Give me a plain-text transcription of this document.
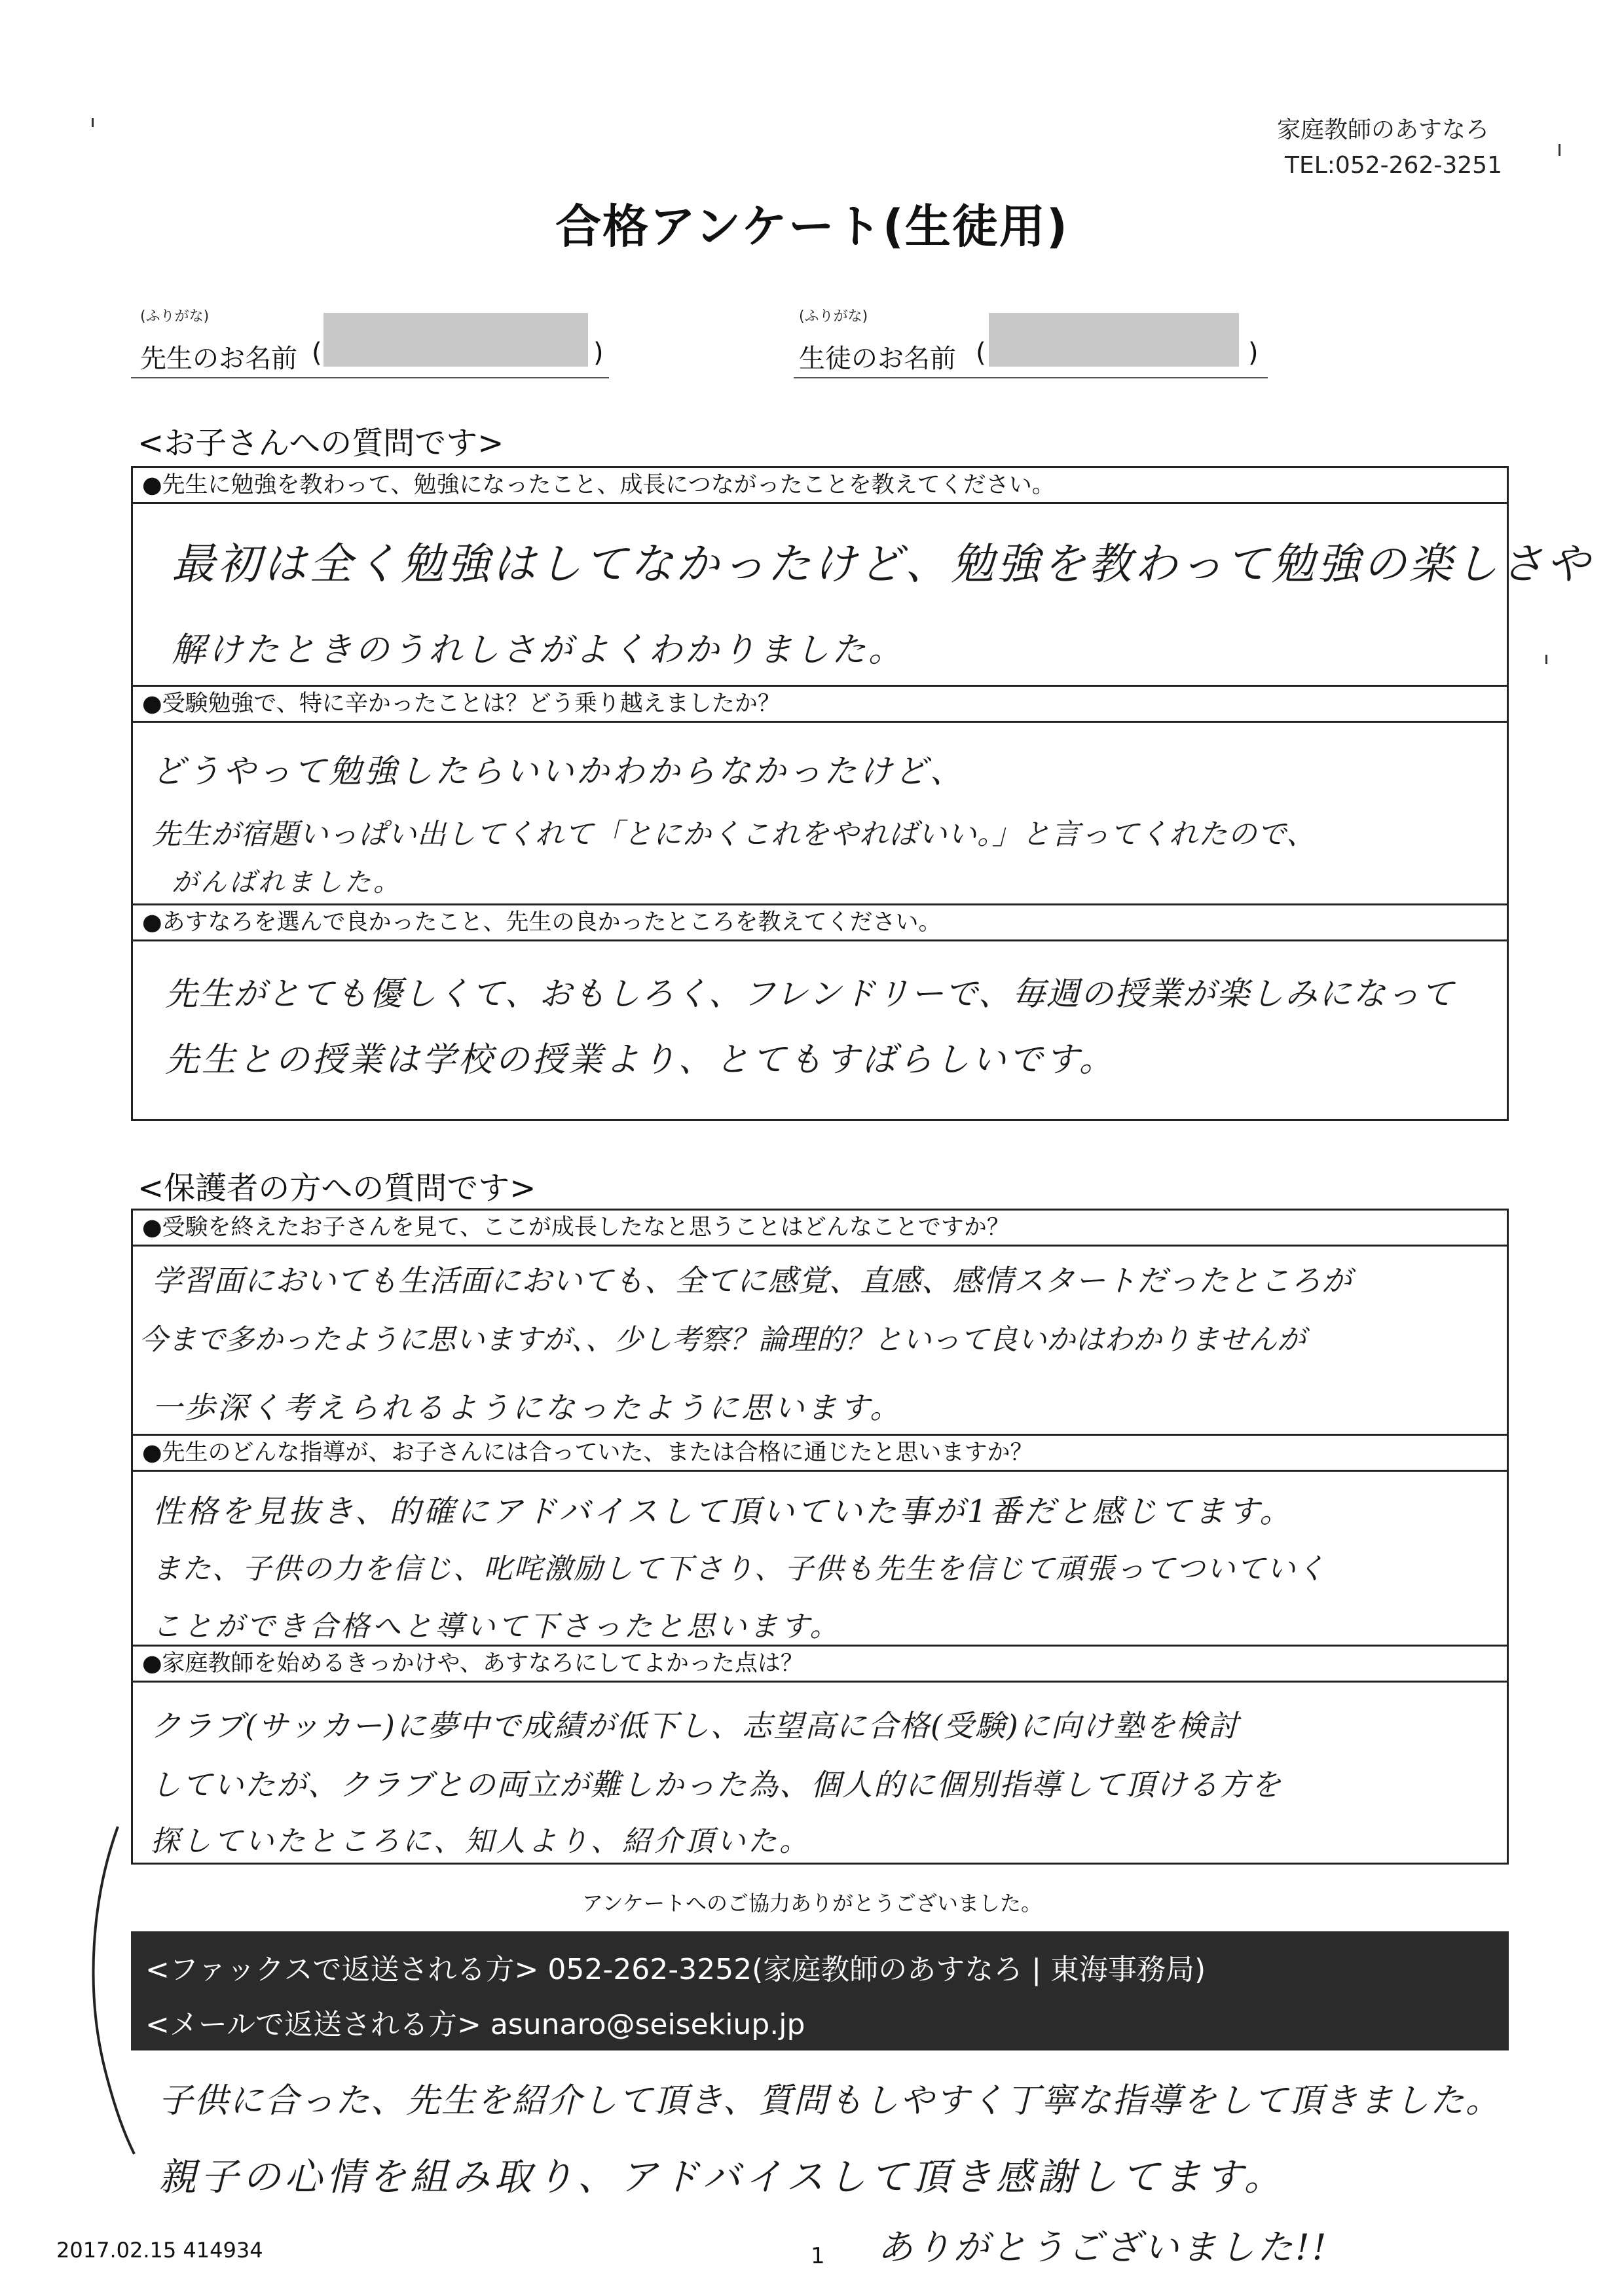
家庭教師のあすなろ
TEL:052-262-3251
合格アンケート(生徒用)
(ふりがな)
先生のお名前 (	)
(ふりがな)
生徒のお名前 (	)
<お子さんへの質問です>
●先生に勉強を教わって、勉強になったこと、成長につながったことを教えてください。
最初は全く勉強はしてなかったけど、勉強を教わって勉強の楽しさや
解けたときのうれしさがよくわかりました。
●受験勉強で、特に辛かったことは？どう乗り越えましたか？
どうやって勉強したらいいかわからなかったけど、
先生が宿題いっぱい出してくれて「とにかくこれをやればいい。」と言ってくれたので、
がんばれました。
●あすなろを選んで良かったこと、先生の良かったところを教えてください。
先生がとても優しくて、おもしろく、フレンドリーで、毎週の授業が楽しみになって
先生との授業は学校の授業より、とてもすばらしいです。
<保護者の方への質問です>
●受験を終えたお子さんを見て、ここが成長したなと思うことはどんなことですか？
学習面においても生活面においても、全てに感覚、直感、感情スタートだったところが
今まで多かったように思いますが、、少し考察？論理的？といって良いかはわかりませんが
一歩深く考えられるようになったように思います。
●先生のどんな指導が、お子さんには合っていた、または合格に通じたと思いますか？
性格を見抜き、的確にアドバイスして頂いていた事が1番だと感じてます。
また、子供の力を信じ、叱咤激励して下さり、子供も先生を信じて頑張ってついていく
ことができ合格へと導いて下さったと思います。
●家庭教師を始めるきっかけや、あすなろにしてよかった点は？
クラブ(サッカー)に夢中で成績が低下し、志望高に合格(受験)に向け塾を検討
していたが、クラブとの両立が難しかった為、個人的に個別指導して頂ける方を
探していたところに、知人より、紹介頂いた。
アンケートへのご協力ありがとうございました。
<ファックスで返送される方> 052-262-3252(家庭教師のあすなろ | 東海事務局)
<メールで返送される方> asunaro@seisekiup.jp
子供に合った、先生を紹介して頂き、質問もしやすく丁寧な指導をして頂きました。
親子の心情を組み取り、アドバイスして頂き感謝してます。
ありがとうございました!!
2017.02.15 414934	1
